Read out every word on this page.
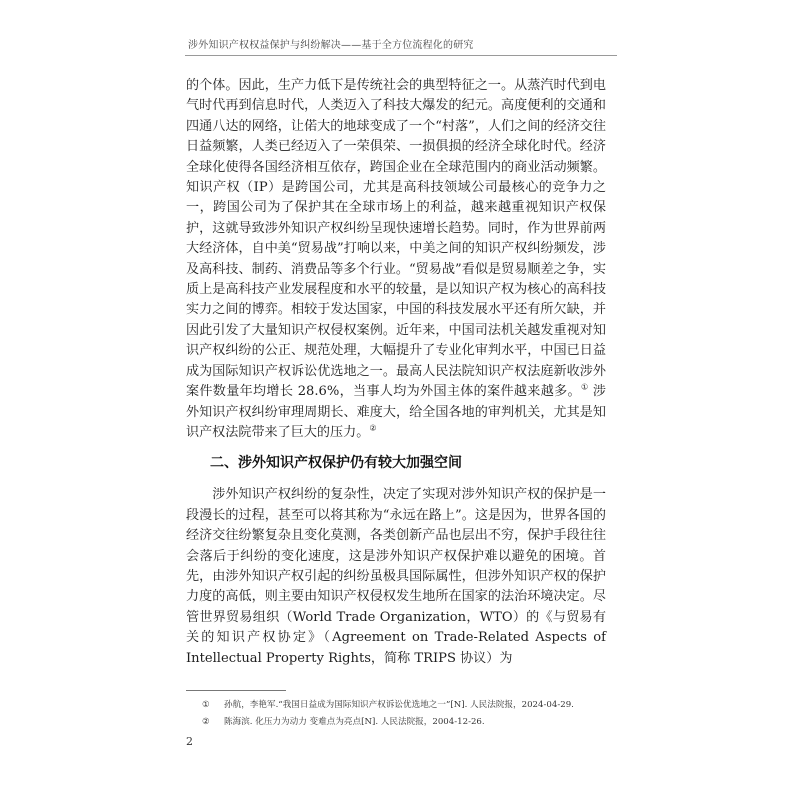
涉外知识产权权益保护与纠纷解决——基于全方位流程化的研究

的个体。因此，生产力低下是传统社会的典型特征之一。从蒸汽时代到电气时代再到信息时代，人类迈入了科技大爆发的纪元。高度便利的交通和四通八达的网络，让偌大的地球变成了一个“村落”，人们之间的经济交往日益频繁，人类已经迈入了一荣俱荣、一损俱损的经济全球化时代。经济全球化使得各国经济相互依存，跨国企业在全球范围内的商业活动频繁。知识产权（IP）是跨国公司，尤其是高科技领域公司最核心的竞争力之一，跨国公司为了保护其在全球市场上的利益，越来越重视知识产权保护，这就导致涉外知识产权纠纷呈现快速增长趋势。同时，作为世界前两大经济体，自中美“贸易战”打响以来，中美之间的知识产权纠纷频发，涉及高科技、制药、消费品等多个行业。“贸易战”看似是贸易顺差之争，实质上是高科技产业发展程度和水平的较量，是以知识产权为核心的高科技实力之间的博弈。相较于发达国家，中国的科技发展水平还有所欠缺，并因此引发了大量知识产权侵权案例。近年来，中国司法机关越发重视对知识产权纠纷的公正、规范处理，大幅提升了专业化审判水平，中国已日益成为国际知识产权诉讼优选地之一。最高人民法院知识产权法庭新收涉外案件数量年均增长 28.6%，当事人均为外国主体的案件越来越多。① 涉外知识产权纠纷审理周期长、难度大，给全国各地的审判机关，尤其是知识产权法院带来了巨大的压力。②

二、涉外知识产权保护仍有较大加强空间

涉外知识产权纠纷的复杂性，决定了实现对涉外知识产权的保护是一段漫长的过程，甚至可以将其称为“永远在路上”。这是因为，世界各国的经济交往纷繁复杂且变化莫测，各类创新产品也层出不穷，保护手段往往会落后于纠纷的变化速度，这是涉外知识产权保护难以避免的困境。首先，由涉外知识产权引起的纠纷虽极具国际属性，但涉外知识产权的保护力度的高低，则主要由知识产权侵权发生地所在国家的法治环境决定。尽管世界贸易组织（World Trade Organization，WTO）的《与贸易有关的知识产权协定》（Agreement on Trade-Related Aspects of Intellectual Property Rights，简称 TRIPS 协议）为

① 孙航，李艳军.“我国日益成为国际知识产权诉讼优选地之一”[N]. 人民法院报，2024-04-29.
② 陈海滨. 化压力为动力 变难点为亮点[N]. 人民法院报，2004-12-26.
2
